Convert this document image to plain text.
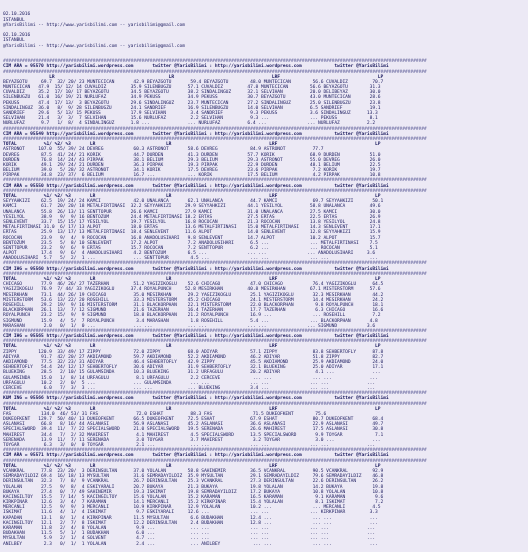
02.10.2016
ISTANBUL
@YarisBilimi -- http://www.yarisbilimi.com -- yarisbilimi@gmail.com
02.10.2016
ISTANBUL
@YarisBilimi -- http://www.yarisbilimi.com -- yarisbilimi@gmail.com

############################################################################################################################################################
CIM ARA = 95570 http://yarisbilimi.wordpress.com       twitter @YarisBilimi : http://yarisbilimi.wordpress.com            twitter @YarisBilimi
############################################################################################################################################################
LR                                          LR                                    LRF                                    LP
BEYAZGOTU     69.7  32/ 20/ 23 MUNTECICAN       42.9 BEYAZGOTU       59.4 BEYAZGOTU        48.0 MUNTECICAN        56.6 CUVALDIZ         70.7
MUNTECICAN   47.9  15/ 12/ 14 CUVALDIZ         35.9 SILENBUGZU      57.1 CUVALDIZ         47.8 MUNTECICAN        56.6 BEYAZGOTU        31.3
CUVALDIZ     35.2  17/ 10/ 17 BEYAZGOTU        34.5 BEYAZGOTU       38.2 SINDALINGUZ      32.1 SELVIHAN          20.0 DELIBEYAZ        30.0
SILENBUGZU   61.0  16/ 19/ 21 NURLUFAZ         34.9 PEKUSS          34.9 PEKUSS           30.7 BEYAZGOTU         43.0 MUNTECICAN       28.6
PEKUSS       47.4  17/ 13/  3 BEYAZGOTU        29.6 SINDALINGUZ     23.7 MUNTECICAN       27.2 SINDALINGUZ       25.0 SILENBUGZU       23.8
SINDALINGUZ  36.0   8/  9/ 28 SILENBUGZU       24.1 SANDRIEF        16.9 SILENBUGZU       14.0 SELVIHAN          6.5 SANDRIEF          19.1
SANDRIEF     29.6   5/ 13/ 15 PEKUSS           17.9 SELVIHAN         3.4 SANDRIEF          9.3 PEKUSS            3.6 SINDALINGUZ      13.3
SELVIHAN     21.4   3/  3/  7 SELVIHAN         15.6 NURLUFAZ         2.2 SELVIHAN          9.3 ...               ... PEKUSS            8.1
NURLUFAZ      9.7   1/  8/  4 SINDALINGUZ      1.8 ...              ... NURLUFAZ          6.4 ...               ... NURLUFAZ          2.2
############################################################################################################################################################
CIM ARA = 95549 http://yarisbilimi.wordpress.com       twitter @YarisBilimi : http://yarisbilimi.wordpress.com            twitter @YarisBilimi
############################################################################################################################################################
TOTAL          %1/ %2/ %3       LR                          LR                                    LRF                                    LP
ASTRONOT     107.0  55/ 39/ 24 DEVREG           60.3 ASTRONOT       58.6 DEVREG            84.9 ASTRONOT          77.7
DEVREG        87.5  41/ 24/ 21 KORIK            44.7 DURDEN         41.3 DURDEN           57.7 KORIK             68.9 DURDEN           51.0
DURDEN        76.8  14/ 24/ 43 PIRPAK           38.1 BELIUM         29.3 BELIUM           29.3 ASTRONOT          55.0 DEVREG           26.0
KORIK         49.1  29/ 24/ 21 DURDEN           36.3 PIRPAK         19.3 PIRPAK           22.9 DURDEN            48.1 BELIUM           22.5
BELIUM        39.0   5/ 28/ 32 ASTRONOT         34.1 KORIK          17.5 DEVREG           23.6 PIRPAK             7.2 KORIK            19.7
PIRPAK        34.8  23/ 37/  6 BELIUM           16.7 ...            ... KORIK             17.5 BELIUM             4.2 PIRPAK           10.8
############################################################################################################################################################
CIM ARA = 95550 http://yarisbilimi.wordpress.com       twitter @YarisBilimi : http://yarisbilimi.wordpress.com            twitter @YarisBilimi
############################################################################################################################################################
TOTAL          %1/ %2/ %3       LR                          LR                                    LRF                                    LP
SEYYAHKIZI    62.5  19/ 24/ 24 KAMCI            42.0 UNALANCA       62.1 UNALANCA          44.7 KAMCI             69.7 SEYYAHKIZI       50.1
KAMCI         61.7  20/ 20/ 18 METALFIRTINASI  32.2 SEYYAHKIZI     29.9 SEYYAHKIZI        44.1 YESILYOL          58.8 UNALANCA         49.6
UNALANCA      55.8  26/ 13/ 11 SENTTOPUR       26.6 KAMCI          27.9 KAMCI             31.0 UNALANCA          27.5 KAMCI            30.0
YESILYOL      38.9   9/  9/ 16 BENTOZUM        24.4 METALFIRTINASI 18.2 ERTAS             27.5 ERTAS             22.5 ERTAS            26.9
SENLEVENT     33.7  15/ 15/ 17 YESILYOL        19.7 YESILYOL       16.8 ROCOCAN           21.3 ROCOCAN           13.8 YESILYOL         24.8
METALFIRTINASI 31.0  6/ 17/ 13 ALPOT           18.0 ERTAS          13.6 METALFIRTINASI    15.0 METALFIRTINASI    14.3 SENLEVENT        17.1
ERTAS         25.9  13/ 17/ 13 METALFIRTINASI  18.4 SENLEVENT      11.6 ALPOT             14.0 SENLEVENT         12.8 SEYYAHKIZI       15.9
ROCOCAN       23.9   9/  4/  9 ROCOCAN         16.8 ANADOLUSIHARI   9.8 SENLEVENT         14.7 ALPOT             10.2 ALPOT            15.7
BENTOZUM      23.5   5/  8/ 10 SENLEVENT       17.2 ALPOT           7.2 ANADOLUSIHARI      6.5 ...               ... METALFIRTINASI    7.5
SENTTOPUR     23.2   9/  6/  9 ERTAS           15.7 ROCOCAN         7.2 SENTTOPUR          6.2 ...               ... ROCOCAN           5.1
ALPOT         17.4   9/  6/  4 ANADOLUSIHARI    4.2 BENTOZUM        6.5 ...               ... ...               ... ANADOLUSIHARI     3.6
ANADOLUSIHARI  5.7   5/  2/  1 ...              ... SENTTOPUR        4.5 ...               ... ...               ... ...               ...
############################################################################################################################################################
CIM IHG = 95560 http://yarisbilimi.wordpress.com       twitter @YarisBilimi : http://yarisbilimi.wordpress.com            twitter @YarisBilimi
############################################################################################################################################################
TOTAL          %1/ %2/ %3       LR                          LR                                    LRF                                    LP
CHICAGO       77.9  46/ 26/ 27 TAZERHAN         51.2 YAGIZIKOGLU    52.6 CHICAGO           47.0 CHICAGO           76.4 YAGIZIKOGLU      64.5
YAGIZIKOGLU   76.9  7/ 44/ 33 YAGIZIKOGLU      37.4 ROYALPUNCH     52.8 MESIRKHAN         40.8 MESIRKHAN         67.1 MISTERSTORM      57.6
MESIRKHAN     73.1  44/ 26/ 19 CHICAGO          35.0 MESIRKHAN      29.2 YAGIZIKOGLU       25.1 YAGIZIKOGLU       32.3 MESIRKHAN        44.2
MISTERSTORM   53.6  13/ 22/ 20 ROSEHILL         33.3 MISTERSTORM    45.2 CHICAGO           24.1 MISTERSTORM       14.4 MESIRKHAN        24.2
ROSEHILL      29.2  19/  9/ 16 MISTERSTORM      31.1 BLACKORPHAN    22.1 MISTERSTORM       22.0 BLACKORPHAN        9.8 ROYALPUNCH       18.1
BLACKORPHAN   26.1  13/  7/ 12 SIGMUND          21.6 TAZERHAN       16.4 TAZERHAN          17.7 TAZERHAN           6.3 CHICAGO          16.6
ROYALPUNCH    23.2  15/  9/  9 SIGMUND          18.8 BLACKORPHAN    21.2 ROYALPUNCH        16.9 ...               ... ROSEHILL          7.2
SIGMUND       15.9   4/  5/  7 ROYALPUNCH        3.4 MARASHAN        1.8 ROSEHILL          5.4 ...               ... BLACKORPHAN       4.8
MARASHAN       2.0   0/  1/  0 ...              ... ...             ... ...               ... ...               ... SIGMUND           3.6
############################################################################################################################################################
CIM IHG = 95565 http://yarisbilimi.wordpress.com       twitter @YarisBilimi : http://yarisbilimi.wordpress.com            twitter @YarisBilimi
############################################################################################################################################################
TOTAL          %1/ %2/ %3       LR                          LR                                    LRF                                    LP
ZIPPY        120.9  33/ 49/ 17 ZIPPY            72.0 ZIPPY          68.0 ADIYAR            57.1 ZIPPY             83.8 SEHBERTOFLY      87.8
ADIYAR        91.7  42/ 20/ 27 AKDIAMOND        59.7 AKDIAMOND      52.2 AKDIAMOND         46.2 ADIYAR            51.8 ZIPPY            82.7
AKDIAMOND     77.5  32/ 23/ 31 ADIYAR           46.4 SEHBERTOFLY    42.9 ZIPPY             45.5 AKDIAMOND         25.9 AKDIAMOND        24.0
SEHBERTOFLY   54.4  24/ 12/ 17 SEHBERTOFLY      30.6 ADIYAR         31.9 SEHBERTOFLY       32.1 BLUEKING          25.0 ADIYAR           17.1
BLUEKING      28.5   2/ 10/ 15 GULAMSINDA       10.3 BLUEKING       31.2 URFAGULU          20.2 ADIYAR             4.1 ...              ...
GULAMSINDA    15.0   1/  8/ 14 URFAGULU          8.1 URFAGULU        2.2 CERCEVE            ... ...               ... ...              ...
URFAGULU      10.2   2/  0/  5 ...              ... GULAMSINDA       ... ...               ... ...               ... ...              ...
CERCEVE        6.0   7/  3/  3 ...              ... ...             ... BLUEKING           3.4 ...               ... ...              ...
############################################################################################################################################################
KUM ING = 95566 http://yarisbilimi.wordpress.com       twitter @YarisBilimi : http://yarisbilimi.wordpress.com            twitter @YarisBilimi
############################################################################################################################################################
TOTAL          %1/ %2/ %3       LR                          LR                                    LRF                                    LP
FAS           134.0  46/ 53/ 31 FAS              72.0 ESHAT          88.3 FAS               71.5 DUKEOFKENT        75.6
DUKEOFKENT   129.7  50/ 40/ 13 DUKEOFKENT       66.5 DUKEOFKENT     72.5 ESHAT             67.9 ESHAT             80.7 DUKEOFKENT       68.4
ASLANASI      66.8   8/ 16/ 44 ASLANASI         56.9 ASLANASI       45.2 ASLANASI          36.6 ASLANASI          22.9 ASLANASI         49.7
SPECIALSWORD  39.4  11/  7/ 22 SPECIALSWORD     21.0 SPECIALSWORD   19.5 SERENADA          26.6 MAHIREST          17.5 ASLANASI         30.8
MAHIREST      34.4   7/  2/ 32 MAHIREST          4.1 MAHIREST        4.5 SPECIALSWORD      13.5 SPECIALSWORD       9.9 TOYGAR            7.1
SERENADA      13.9  11/  7/ 11 SERENADA          3.0 TOYGAR          3.7 MAHIREST           3.2 TOYGAR             3.0 ...              ...
TOYGAR         6.3   3/  0/  0 TOYGAR            2.1 ...             ... ...               ... ...               ... ...              ...
############################################################################################################################################################
CIM ARA = 95571 http://yarisbilimi.wordpress.com       twitter @YarisBilimi : http://yarisbilimi.wordpress.com            twitter @YarisBilimi
############################################################################################################################################################
TOTAL          %1/ %2/ %3       LR                          LR                                    LRF                                    LP
VCANKRAL      77.8  23/ 20/  3 DERINSULTAN      37.0 YOLALAN        58.8 SAHINEMIR         36.5 VCANKRAL          90.5 VCANKRAL         92.9
SEMRADAYILDIZ 69.4  16/ 18/ 13 MYSULTAN         31.6 SEMRADAYILDIZ  35.9 MYSULTAN          29.1 SEMRADAYILDIZ     79.6 SEMRADAYILDIZ    46.8
DERINSULTAN   32.3   7/  8/  9 VCANKRAL         26.7 DERINSULTAN    25.3 VCANKRAL          27.3 DERINSULTAN       22.6 DERINSULTAN      26.2
YOLALAN       27.5   9/  8/  4 ESKIYARALI       20.7 BUKAYA         21.3 BUKAYA            19.8 YOLALAN           14.2 BUKAYA           19.8
BUKAYA        27.4   0/  7/ 49 SAHINEMIR        19.3 ISKIMAT        19.8 SEMRADAYILDIZ     17.2 BUKAYA            10.8 YOLALAN          10.8
KACINGILTOY   15.5   7/ 14/  5 KACINGILTOY      15.6 YOLALAN        15.2 KARAMAN           16.5 KARAMAN            9.1 KARAMAN           9.6
KIRKPINAR     12.6   3/  4/  7 KARAMAN          14.1 MERCANLI       15.2 KIRKPINAR         15.4 YOLALAN            8.1 ISKIMAT           7.2
MERCANLI      12.5   9/  9/  3 MERCANLI         10.9 KIRKPINAR      12.9 YOLALAN           10.2 ...               ... MERCANLI          4.5
ISKIMAT       11.6   4/  1/  4 ISKIMAT           9.7 ESKIYARALI     12.6 ...               ... ...               ... KIRKPINAR         3.3
KAPADAN       13.1   8/  1/  4 KIRKPINAR        11.5 MYSULTAN        6.6 BUDAKHAN          12.4 ...               ... ...              ...
KACINGILTOY   12.1   2/  7/  8 ISKIMAT          12.2 DERINSULTAN     2.4 BUDAKHAN          12.8 ...               ... ...              ...
KARAMAN       11.8   2/  4/  8 YOLALAN           9.9 ...             ... ...               ... ...               ... ...              ...
BUDAKHAN      11.5   5/  1/  1 BUDAKHAN          6.0 ...             ... ...               ... ...               ... ...              ...
MYSULTAN       5.9   2/  1/  4 SOLVENT           4.7 ...             ... ...               ... ...               ... ...              ...
ANILBEY        2.3   0/  1/  1 YOLALAN           2.4 ...             ... ANILBEY            ... ...               ... ...              ...
